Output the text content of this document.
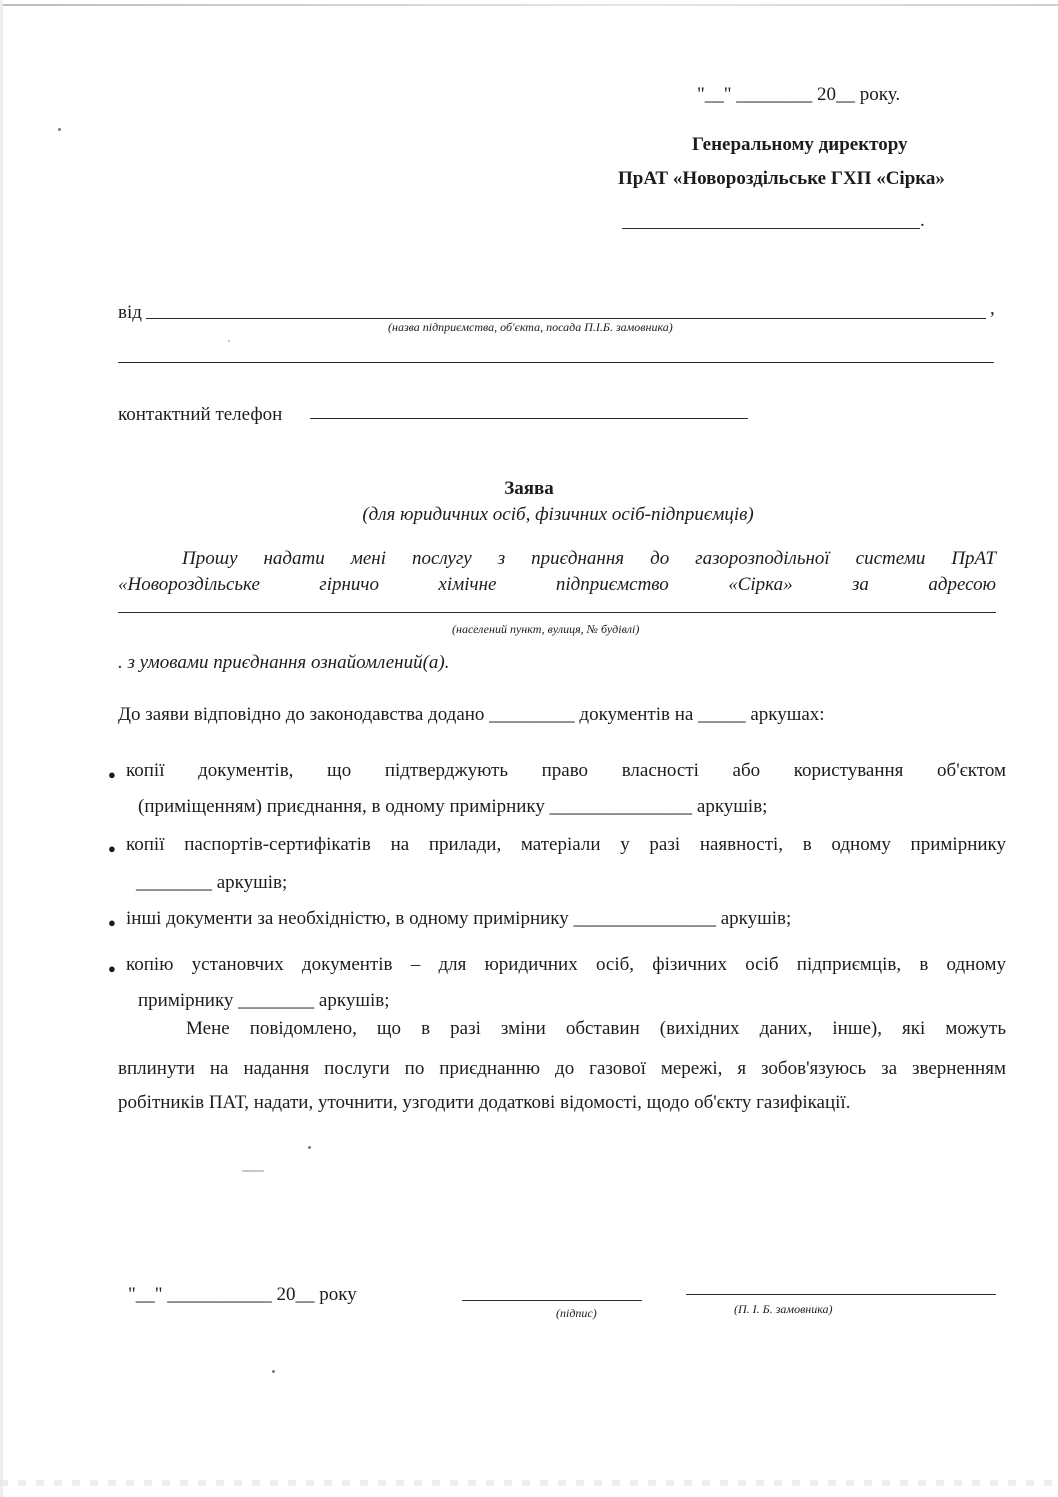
"__" ________ 20__ року.
Генеральному директору
ПрАТ «Новороздільське ГХП «Сірка»
.
від	,
(назва підприємства, об'єкта, посада П.І.Б. замовника)
контактний телефон
Заява
(для юридичних осіб, фізичних осіб-підприємців)
Прошу надати мені послугу з приєднання до газорозподільної системи ПрАТ
«Новороздільське гірничо хімічне підприємство «Сірка» за адресою
(населений пункт, вулиця, № будівлі)
. з умовами приєднання ознайомлений(а).
До заяви відповідно до законодавства додано _________ документів на _____ аркушах:
● копії документів, що підтверджують право власності або користування об'єктом
(приміщенням) приєднання, в одному примірнику _______________ аркушів;
● копії паспортів-сертифікатів на прилади, матеріали у разі наявності, в одному примірнику
________ аркушів;
● інші документи за необхідністю, в одному примірнику _______________ аркушів;
● копію установчих документів – для юридичних осіб, фізичних осіб підприємців, в одному
примірнику ________ аркушів;
Мене повідомлено, що в разі зміни обставин (вихідних даних, інше), які можуть
вплинути на надання послуги по приєднанню до газової мережі, я зобов'язуюсь за зверненням
робітників ПАТ, надати, уточнити, узгодити додаткові відомості, щодо об'єкту газифікації.
"__" ___________ 20__ року
(підпис)	(П. І. Б. замовника)
